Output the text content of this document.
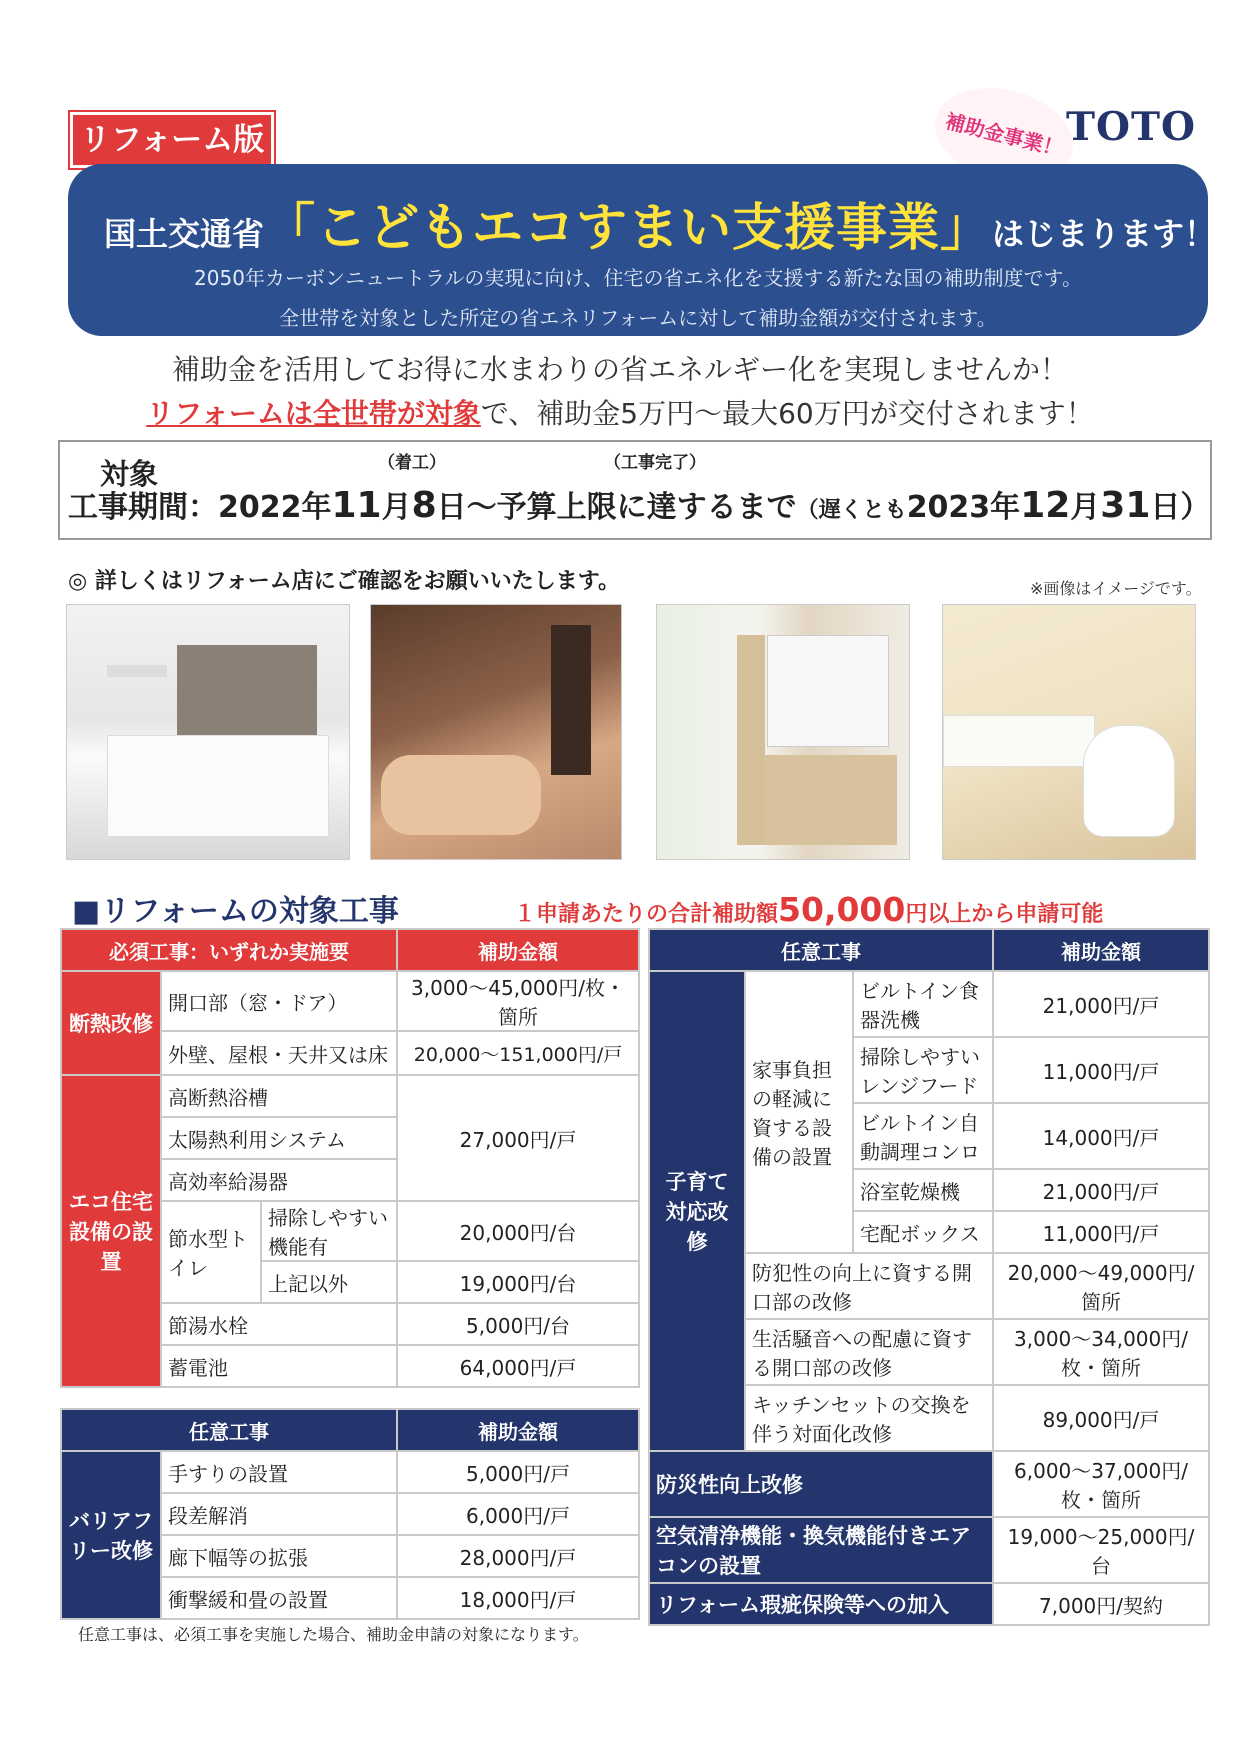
リフォーム版	補助金事業！ TOTO
国土交通省「こどもエコすまい支援事業」はじまります！
2050年カーボンニュートラルの実現に向け、住宅の省エネ化を支援する新たな国の補助制度です。
全世帯を対象とした所定の省エネリフォームに対して補助金額が交付されます。
補助金を活用してお得に水まわりの省エネルギー化を実現しませんか！
リフォームは全世帯が対象で、補助金5万円～最大60万円が交付されます！
対象	（着工）	（工事完了）
工事期間：2022年11月8日～予算上限に達するまで（遅くとも2023年12月31日）
◎ 詳しくはリフォーム店にご確認をお願いいたします。	※画像はイメージです。
■リフォームの対象工事	１申請あたりの合計補助額50,000円以上から申請可能
必須工事：いずれか実施要			補助金額
断熱改修	開口部（窓・ドア）		3,000～45,000円/枚・箇所
	外壁、屋根・天井又は床		20,000～151,000円/戸
エコ住宅設備の設置	高断熱浴槽		27,000円/戸
	太陽熱利用システム		
	高効率給湯器		
	節水型トイレ	掃除しやすい機能有	20,000円/台
		上記以外	19,000円/台
	節湯水栓		5,000円/台
	蓄電池		64,000円/戸
任意工事		補助金額
バリアフリー改修	手すりの設置	5,000円/戸
	段差解消	6,000円/戸
	廊下幅等の拡張	28,000円/戸
	衝撃緩和畳の設置	18,000円/戸
任意工事は、必須工事を実施した場合、補助金申請の対象になります。
任意工事			補助金額
子育て対応改修	家事負担の軽減に資する設備の設置	ビルトイン食器洗機	21,000円/戸
		掃除しやすいレンジフード	11,000円/戸
		ビルトイン自動調理コンロ	14,000円/戸
		浴室乾燥機	21,000円/戸
		宅配ボックス	11,000円/戸
	防犯性の向上に資する開口部の改修		20,000～49,000円/箇所
	生活騒音への配慮に資する開口部の改修		3,000～34,000円/枚・箇所
	キッチンセットの交換を伴う対面化改修		89,000円/戸
防災性向上改修			6,000～37,000円/枚・箇所
空気清浄機能・換気機能付きエアコンの設置			19,000～25,000円/台
リフォーム瑕疵保険等への加入			7,000円/契約
